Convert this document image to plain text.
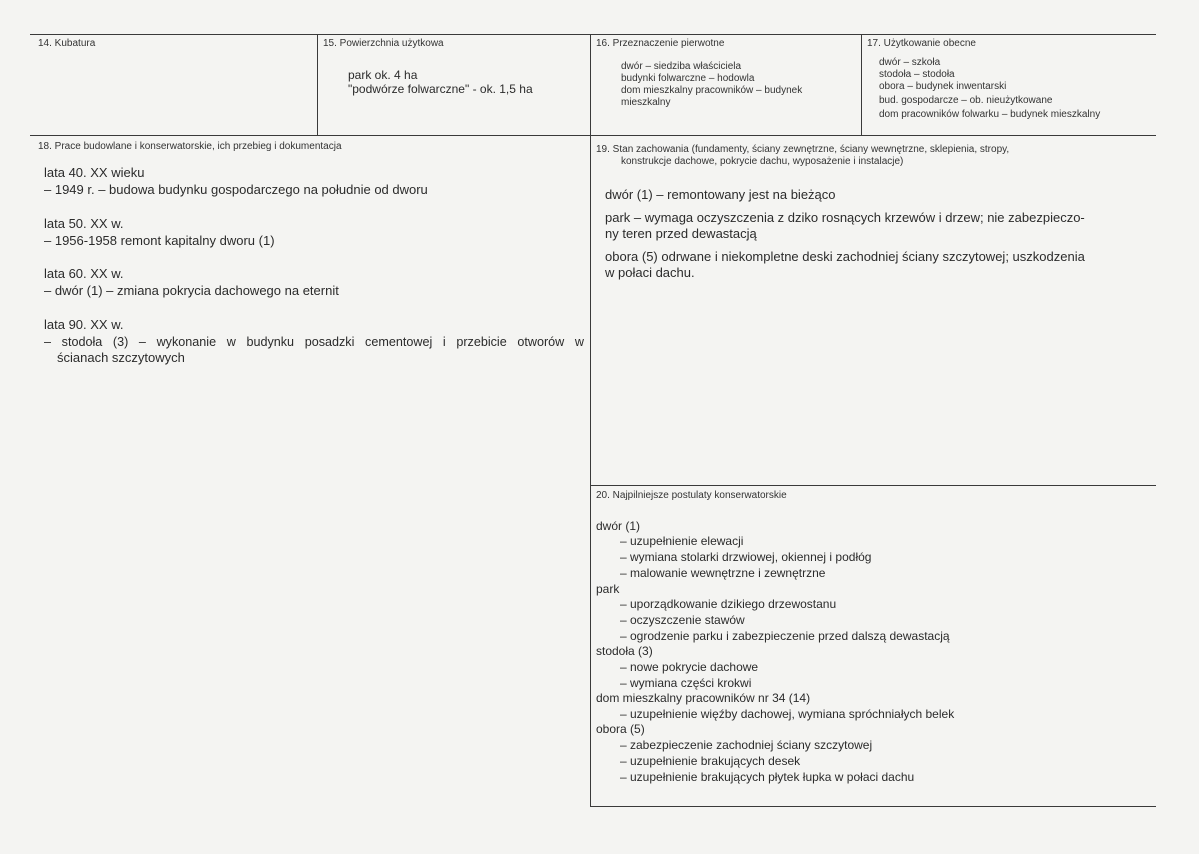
14. Kubatura	15. Powierzchnia użytkowa
park ok. 4 ha
"podwórze folwarczne" - ok. 1,5 ha
16. Przeznaczenie pierwotne
dwór – siedziba właściciela
budynki folwarczne – hodowla
dom mieszkalny pracowników – budynek
mieszkalny
17. Użytkowanie obecne
dwór – szkoła
stodoła – stodoła
obora – budynek inwentarski
bud. gospodarcze – ob. nieużytkowane
dom pracowników folwarku – budynek mieszkalny
18. Prace budowlane i konserwatorskie, ich przebieg i dokumentacja
lata 40. XX wieku
– 1949 r. – budowa budynku gospodarczego na południe od dworu
lata 50. XX w.
– 1956-1958 remont kapitalny dworu (1)
lata 60. XX w.
– dwór (1) – zmiana pokrycia dachowego na eternit
lata 90. XX w.
– stodoła (3) – wykonanie w budynku posadzki cementowej i przebicie otworów w
ścianach szczytowych
19. Stan zachowania (fundamenty, ściany zewnętrzne, ściany wewnętrzne, sklepienia, stropy,
konstrukcje dachowe, pokrycie dachu, wyposażenie i instalacje)
dwór (1) – remontowany jest na bieżąco
park – wymaga oczyszczenia z dziko rosnących krzewów i drzew; nie zabezpieczo-
ny teren przed dewastacją
obora (5) odrwane i niekompletne deski zachodniej ściany szczytowej; uszkodzenia
w połaci dachu.
20. Najpilniejsze postulaty konserwatorskie
dwór (1)
– uzupełnienie elewacji
– wymiana stolarki drzwiowej, okiennej i podłóg
– malowanie wewnętrzne i zewnętrzne
park
– uporządkowanie dzikiego drzewostanu
– oczyszczenie stawów
– ogrodzenie parku i zabezpieczenie przed dalszą dewastacją
stodoła (3)
– nowe pokrycie dachowe
– wymiana części krokwi
dom mieszkalny pracowników nr 34 (14)
– uzupełnienie więźby dachowej, wymiana spróchniałych belek
obora (5)
– zabezpieczenie zachodniej ściany szczytowej
– uzupełnienie brakujących desek
– uzupełnienie brakujących płytek łupka w połaci dachu
